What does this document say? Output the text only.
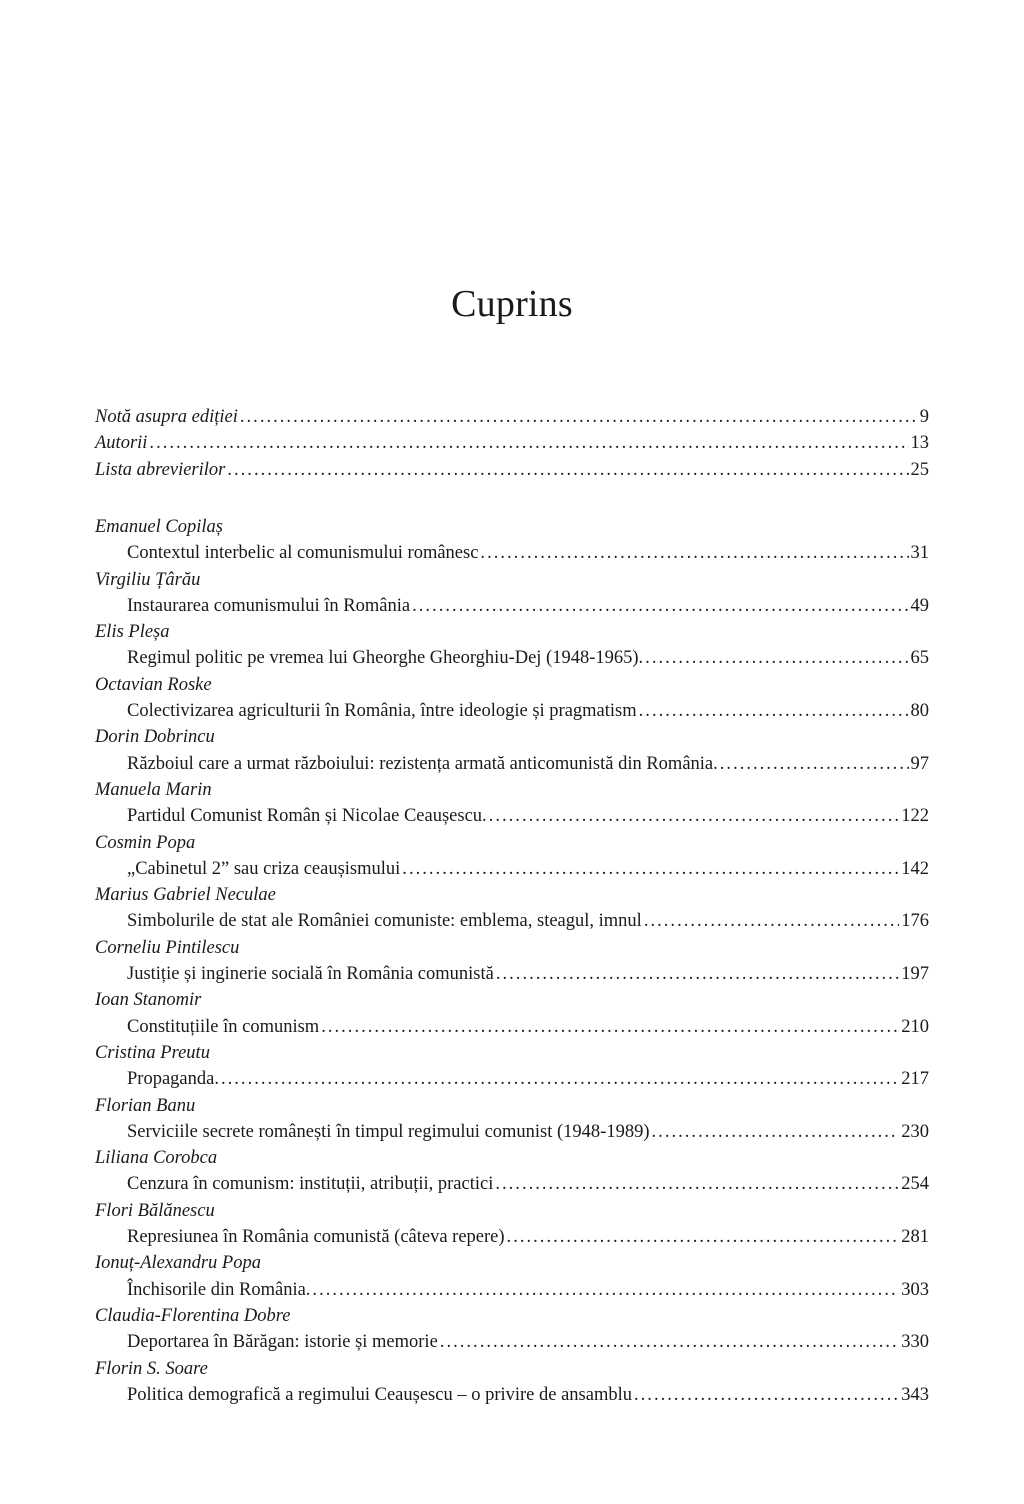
Cuprins
Notă asupra ediției . . .	9
Autorii . . .	13
Lista abrevierilor . . .	25
Emanuel Copilaș
Contextul interbelic al comunismului românesc . . .	31
Virgiliu Țârău
Instaurarea comunismului în România . . .	49
Elis Pleșa
Regimul politic pe vremea lui Gheorghe Gheorghiu-Dej (1948-1965). . . .	65
Octavian Roske
Colectivizarea agriculturii în România, între ideologie și pragmatism . . .	80
Dorin Dobrincu
Războiul care a urmat războiului: rezistența armată anticomunistă din România. . . .	97
Manuela Marin
Partidul Comunist Român și Nicolae Ceaușescu. . . .	122
Cosmin Popa
„Cabinetul 2” sau criza ceaușismului . . .	142
Marius Gabriel Neculae
Simbolurile de stat ale României comuniste: emblema, steagul, imnul . . .	176
Corneliu Pintilescu
Justiție și inginerie socială în România comunistă . . .	197
Ioan Stanomir
Constituțiile în comunism . . .	210
Cristina Preutu
Propaganda. . . .	217
Florian Banu
Serviciile secrete românești în timpul regimului comunist (1948-1989) . . .	230
Liliana Corobca
Cenzura în comunism: instituții, atribuții, practici . . .	254
Flori Bălănescu
Represiunea în România comunistă (câteva repere) . . .	281
Ionuț-Alexandru Popa
Închisorile din România. . . .	303
Claudia-Florentina Dobre
Deportarea în Bărăgan: istorie și memorie . . .	330
Florin S. Soare
Politica demografică a regimului Ceaușescu – o privire de ansamblu . . .	343
